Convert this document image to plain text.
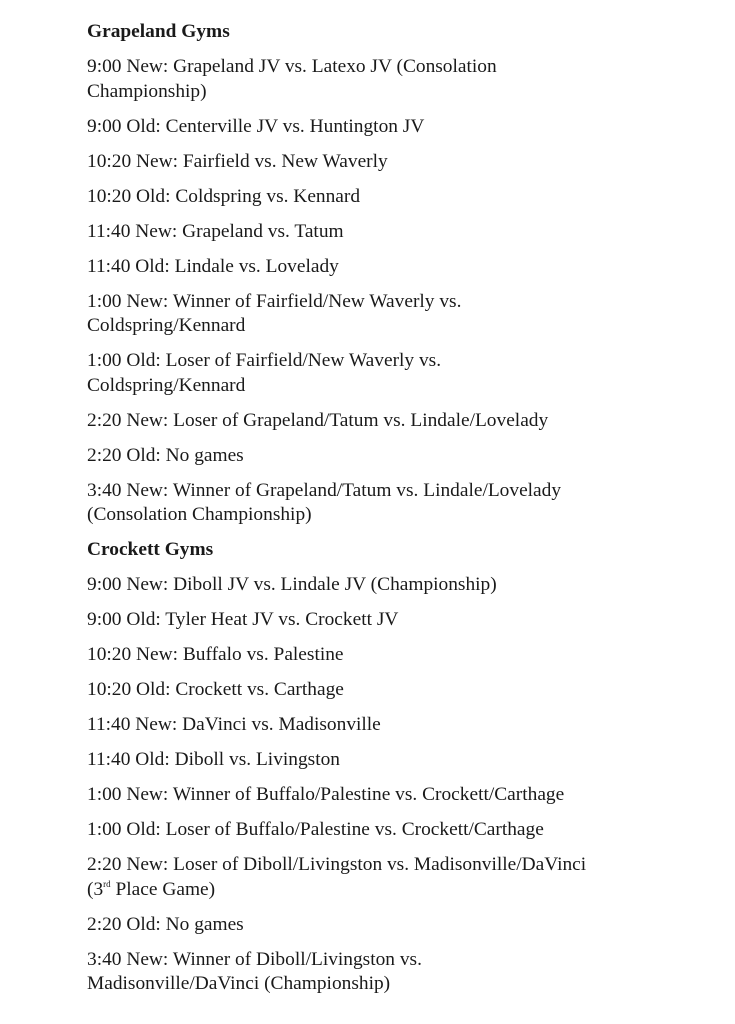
Grapeland Gyms
9:00 New: Grapeland JV vs. Latexo JV (Consolation Championship)
9:00 Old: Centerville JV vs. Huntington JV
10:20 New: Fairfield vs. New Waverly
10:20 Old: Coldspring vs. Kennard
11:40 New: Grapeland vs. Tatum
11:40 Old: Lindale vs. Lovelady
1:00 New: Winner of Fairfield/New Waverly vs. Coldspring/Kennard
1:00 Old: Loser of Fairfield/New Waverly vs. Coldspring/Kennard
2:20 New: Loser of Grapeland/Tatum vs. Lindale/Lovelady
2:20 Old: No games
3:40 New: Winner of Grapeland/Tatum vs. Lindale/Lovelady (Consolation Championship)
Crockett Gyms
9:00 New: Diboll JV vs. Lindale JV (Championship)
9:00 Old: Tyler Heat JV vs. Crockett JV
10:20 New: Buffalo vs. Palestine
10:20 Old: Crockett vs. Carthage
11:40 New: DaVinci vs. Madisonville
11:40 Old: Diboll vs. Livingston
1:00 New: Winner of Buffalo/Palestine vs. Crockett/Carthage
1:00 Old: Loser of Buffalo/Palestine vs. Crockett/Carthage
2:20 New: Loser of Diboll/Livingston vs. Madisonville/DaVinci
(3rd Place Game)
2:20 Old: No games
3:40 New: Winner of Diboll/Livingston vs. Madisonville/DaVinci (Championship)
